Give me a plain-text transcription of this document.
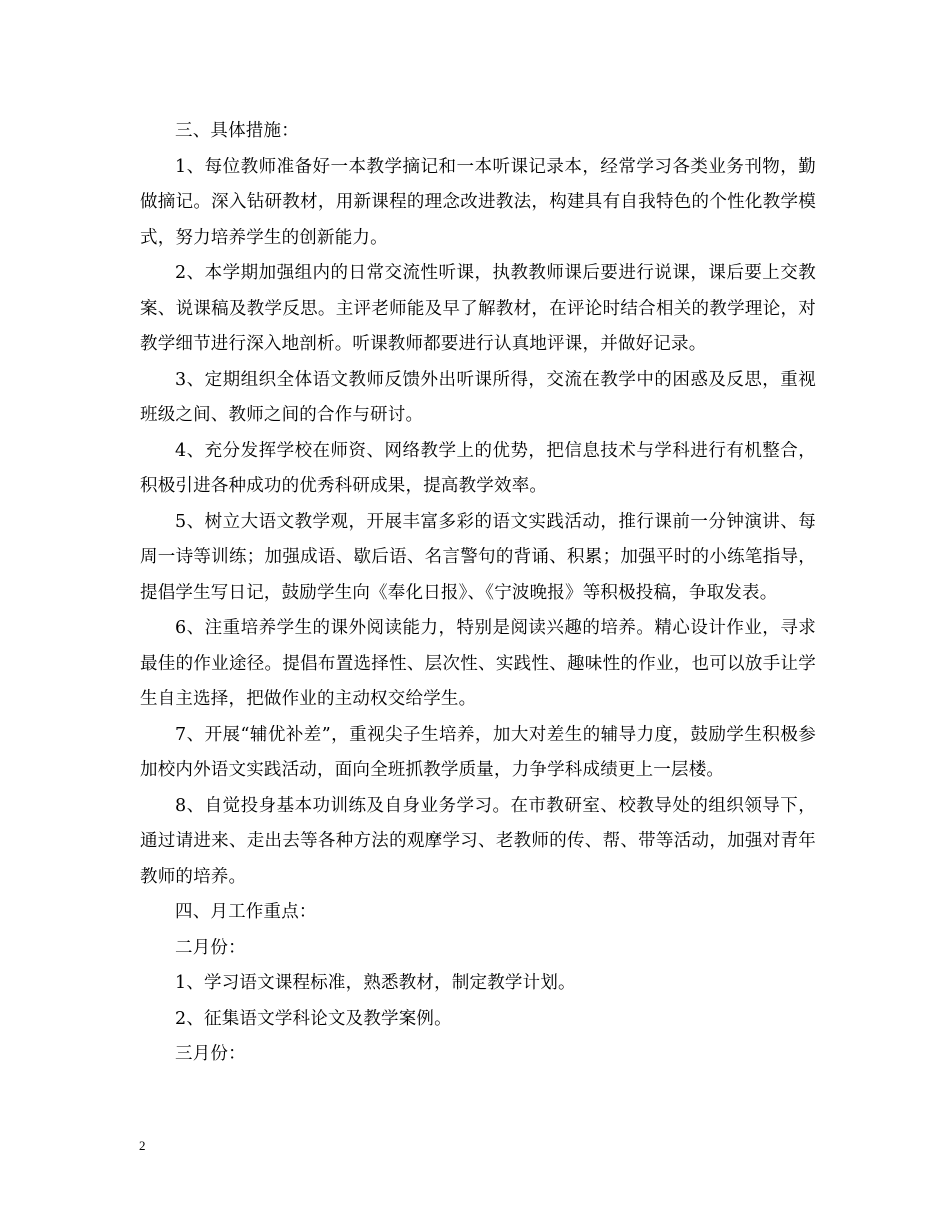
三、具体措施：

1、每位教师准备好一本教学摘记和一本听课记录本，经常学习各类业务刊物，勤做摘记。深入钻研教材，用新课程的理念改进教法，构建具有自我特色的个性化教学模式，努力培养学生的创新能力。

2、本学期加强组内的日常交流性听课，执教教师课后要进行说课，课后要上交教案、说课稿及教学反思。主评老师能及早了解教材，在评论时结合相关的教学理论，对教学细节进行深入地剖析。听课教师都要进行认真地评课，并做好记录。

3、定期组织全体语文教师反馈外出听课所得，交流在教学中的困惑及反思，重视班级之间、教师之间的合作与研讨。

4、充分发挥学校在师资、网络教学上的优势，把信息技术与学科进行有机整合，积极引进各种成功的优秀科研成果，提高教学效率。

5、树立大语文教学观，开展丰富多彩的语文实践活动，推行课前一分钟演讲、每周一诗等训练；加强成语、歇后语、名言警句的背诵、积累；加强平时的小练笔指导，提倡学生写日记，鼓励学生向《奉化日报》、《宁波晚报》等积极投稿，争取发表。

6、注重培养学生的课外阅读能力，特别是阅读兴趣的培养。精心设计作业，寻求最佳的作业途径。提倡布置选择性、层次性、实践性、趣味性的作业，也可以放手让学生自主选择，把做作业的主动权交给学生。

7、开展“辅优补差”，重视尖子生培养，加大对差生的辅导力度，鼓励学生积极参加校内外语文实践活动，面向全班抓教学质量，力争学科成绩更上一层楼。

8、自觉投身基本功训练及自身业务学习。在市教研室、校教导处的组织领导下，通过请进来、走出去等各种方法的观摩学习、老教师的传、帮、带等活动，加强对青年教师的培养。

四、月工作重点：

二月份：

1、学习语文课程标准，熟悉教材，制定教学计划。

2、征集语文学科论文及教学案例。

三月份：

2
